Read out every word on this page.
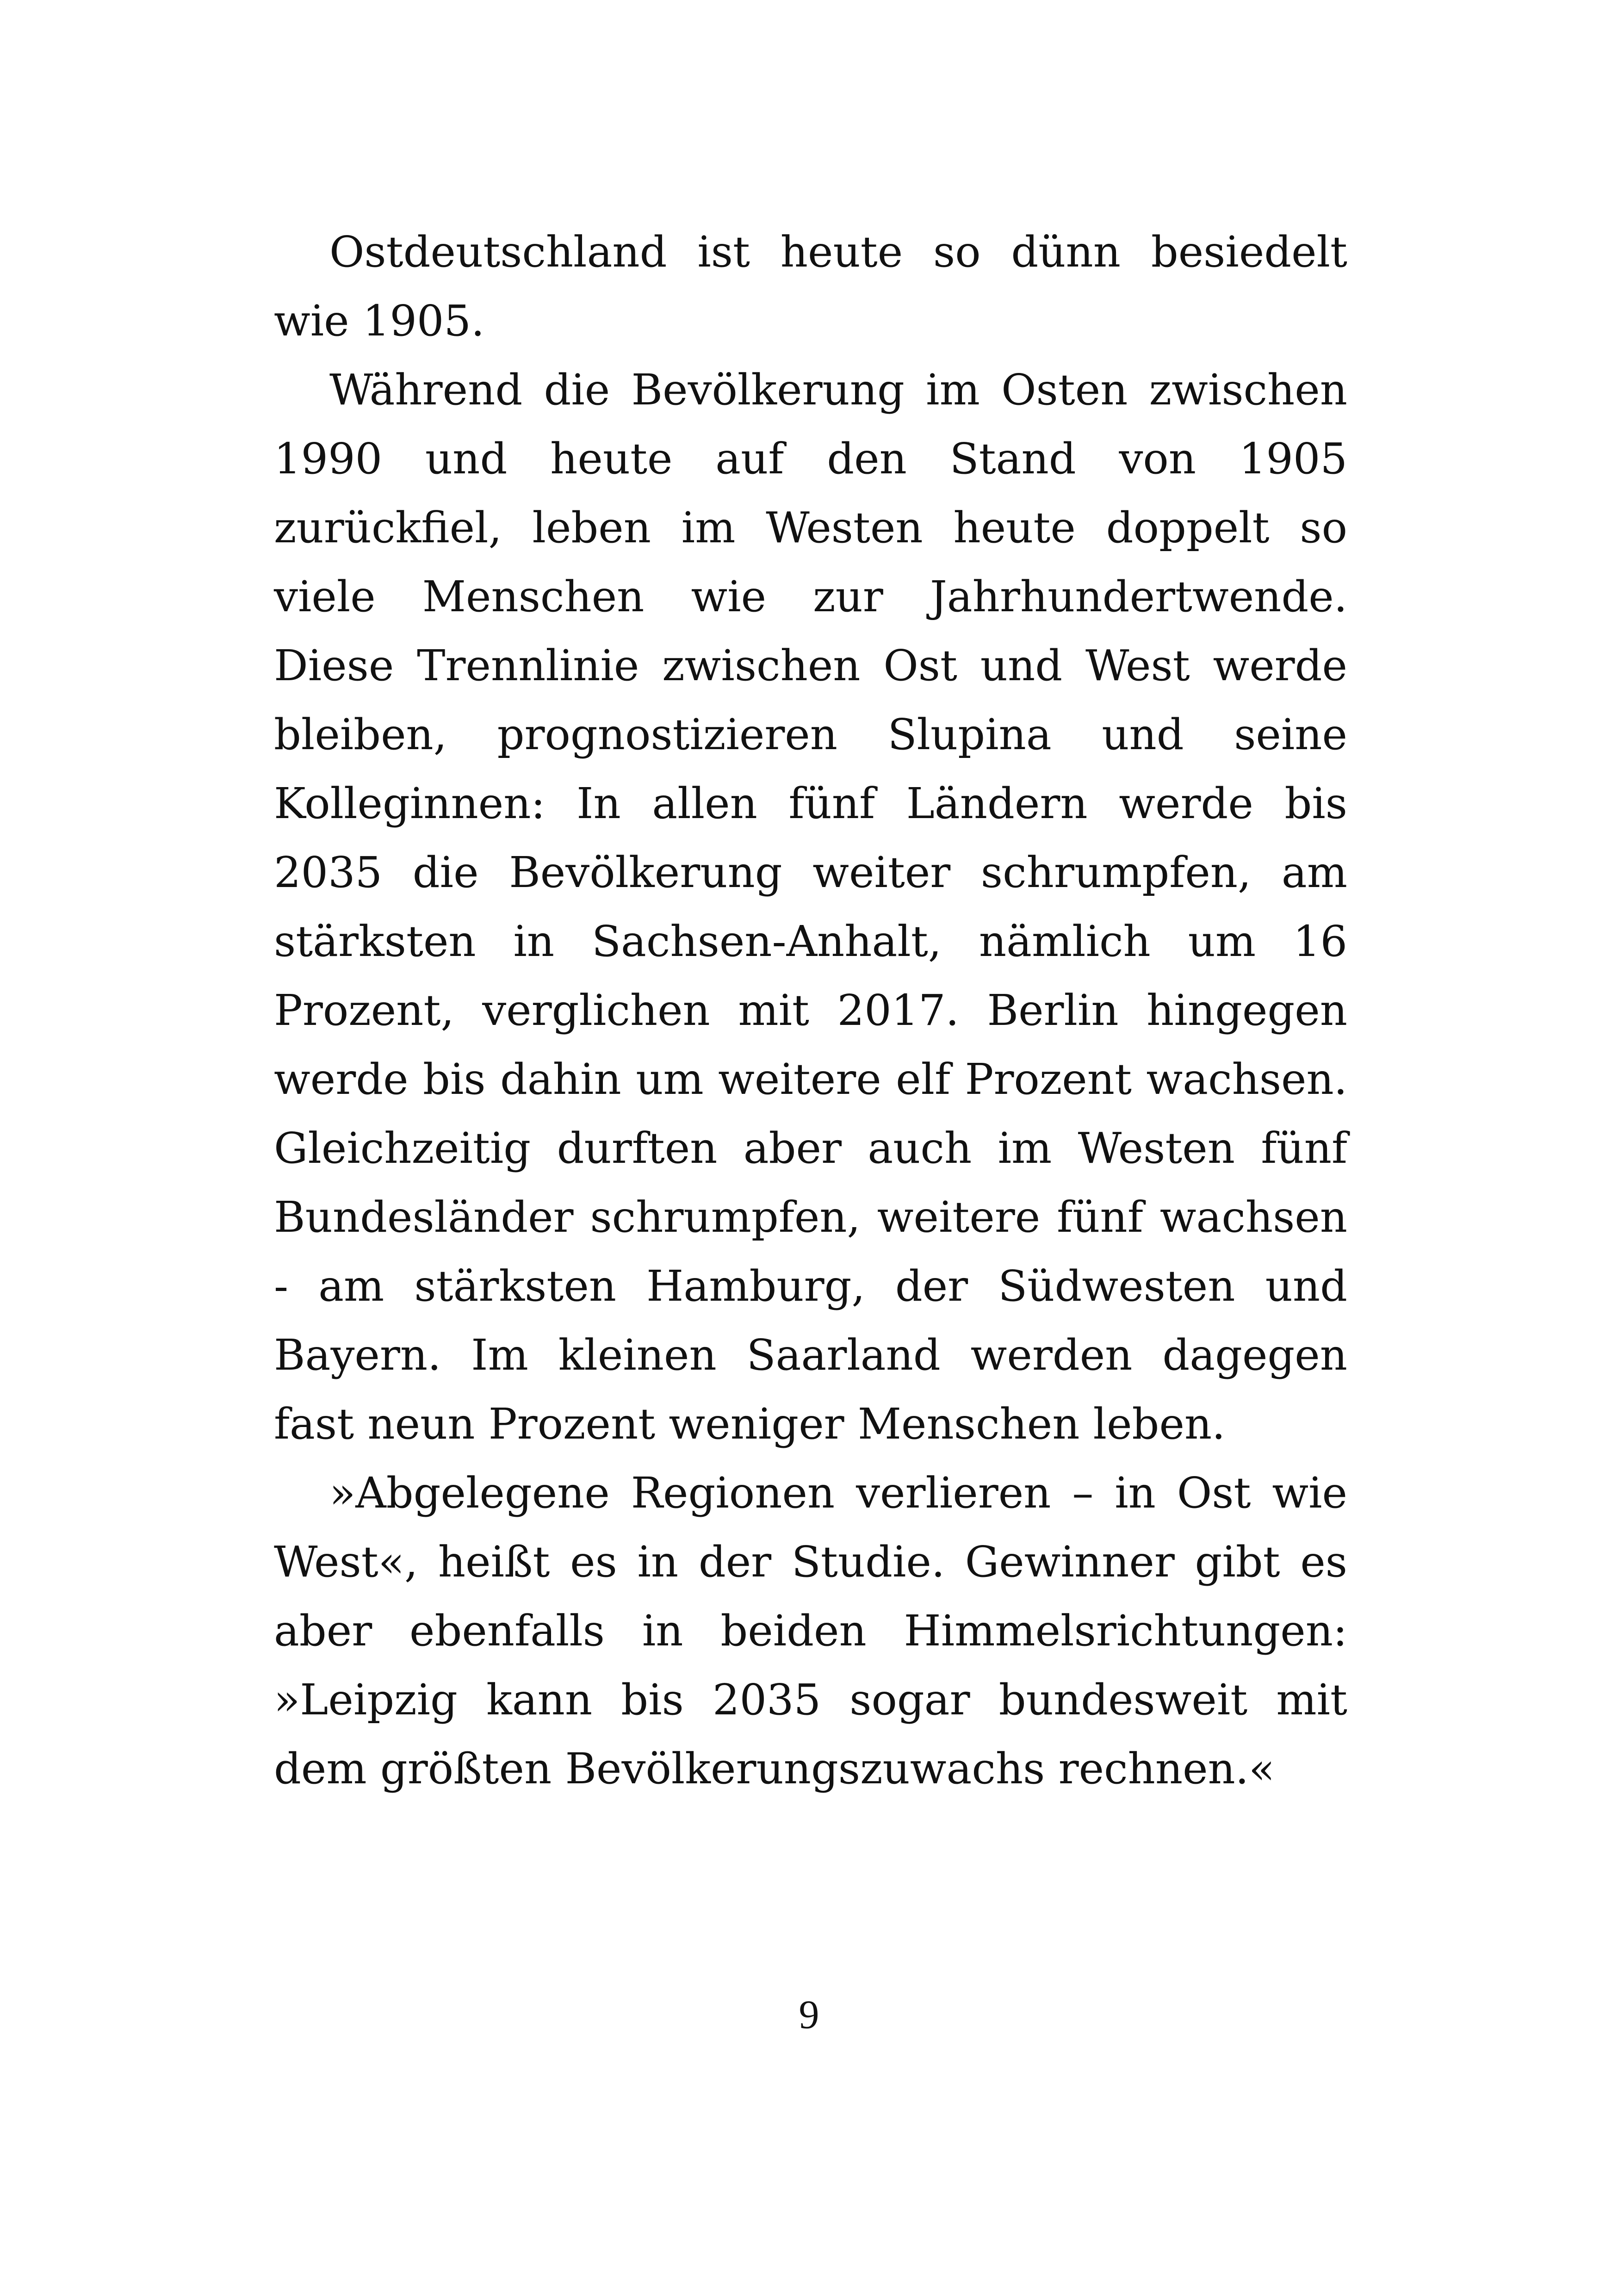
Ostdeutschland ist heute so dünn besiedelt wie 1905.

Während die Bevölkerung im Osten zwischen 1990 und heute auf den Stand von 1905 zurückfiel, leben im Westen heute doppelt so viele Menschen wie zur Jahrhundertwende. Diese Trennlinie zwischen Ost und West werde bleiben, prognostizieren Slupina und seine Kolleginnen: In allen fünf Ländern werde bis 2035 die Bevölkerung weiter schrumpfen, am stärksten in Sachsen-Anhalt, nämlich um 16 Prozent, verglichen mit 2017. Berlin hingegen werde bis dahin um weitere elf Prozent wachsen. Gleichzeitig durften aber auch im Westen fünf Bundesländer schrumpfen, weitere fünf wachsen - am stärksten Hamburg, der Südwesten und Bayern. Im kleinen Saarland werden dagegen fast neun Prozent weniger Menschen leben.

»Abgelegene Regionen verlieren – in Ost wie West«, heißt es in der Studie. Gewinner gibt es aber ebenfalls in beiden Himmelsrichtungen: »Leipzig kann bis 2035 sogar bundesweit mit dem größten Bevölkerungszuwachs rechnen.«

9
